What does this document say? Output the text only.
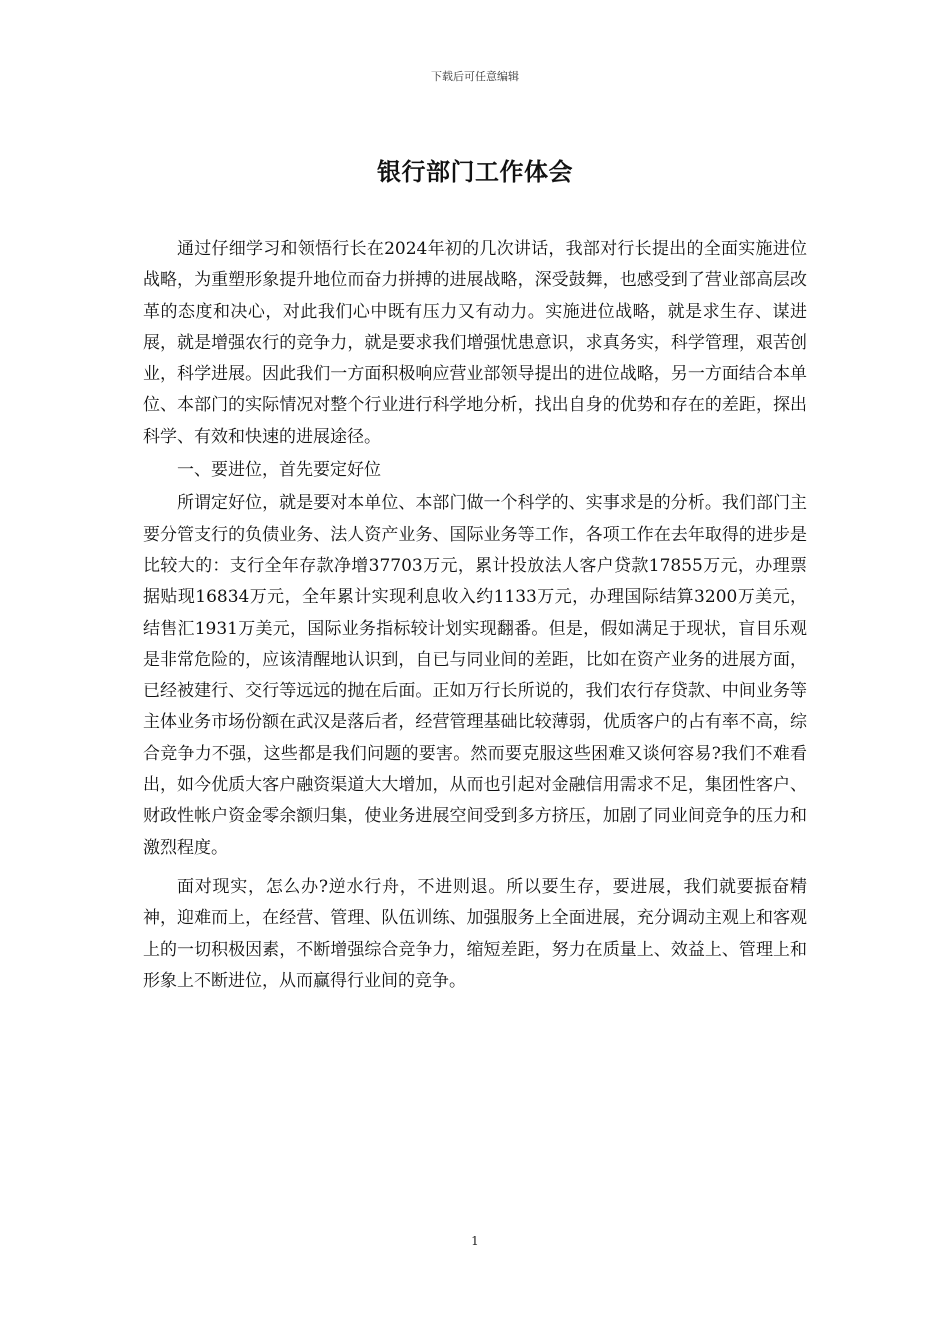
下载后可任意编辑
银行部门工作体会

通过仔细学习和领悟行长在2024年初的几次讲话，我部对行长提出的全面实施进位战略，为重塑形象提升地位而奋力拼搏的进展战略，深受鼓舞，也感受到了营业部高层改革的态度和决心，对此我们心中既有压力又有动力。实施进位战略，就是求生存、谋进展，就是增强农行的竞争力，就是要求我们增强忧患意识，求真务实，科学管理，艰苦创业，科学进展。因此我们一方面积极响应营业部领导提出的进位战略，另一方面结合本单位、本部门的实际情况对整个行业进行科学地分析，找出自身的优势和存在的差距，探出科学、有效和快速的进展途径。

一、要进位，首先要定好位

所谓定好位，就是要对本单位、本部门做一个科学的、实事求是的分析。我们部门主要分管支行的负债业务、法人资产业务、国际业务等工作，各项工作在去年取得的进步是比较大的：支行全年存款净增37703万元，累计投放法人客户贷款17855万元，办理票据贴现16834万元，全年累计实现利息收入约1133万元，办理国际结算3200万美元，结售汇1931万美元，国际业务指标较计划实现翻番。但是，假如满足于现状，盲目乐观是非常危险的，应该清醒地认识到，自已与同业间的差距，比如在资产业务的进展方面，已经被建行、交行等远远的抛在后面。正如万行长所说的，我们农行存贷款、中间业务等主体业务市场份额在武汉是落后者，经营管理基础比较薄弱，优质客户的占有率不高，综合竞争力不强，这些都是我们问题的要害。然而要克服这些困难又谈何容易?我们不难看出，如今优质大客户融资渠道大大增加，从而也引起对金融信用需求不足，集团性客户、财政性帐户资金零余额归集，使业务进展空间受到多方挤压，加剧了同业间竞争的压力和激烈程度。

面对现实，怎么办?逆水行舟，不进则退。所以要生存，要进展，我们就要振奋精神，迎难而上，在经营、管理、队伍训练、加强服务上全面进展，充分调动主观上和客观上的一切积极因素，不断增强综合竞争力，缩短差距，努力在质量上、效益上、管理上和形象上不断进位，从而赢得行业间的竞争。

1
